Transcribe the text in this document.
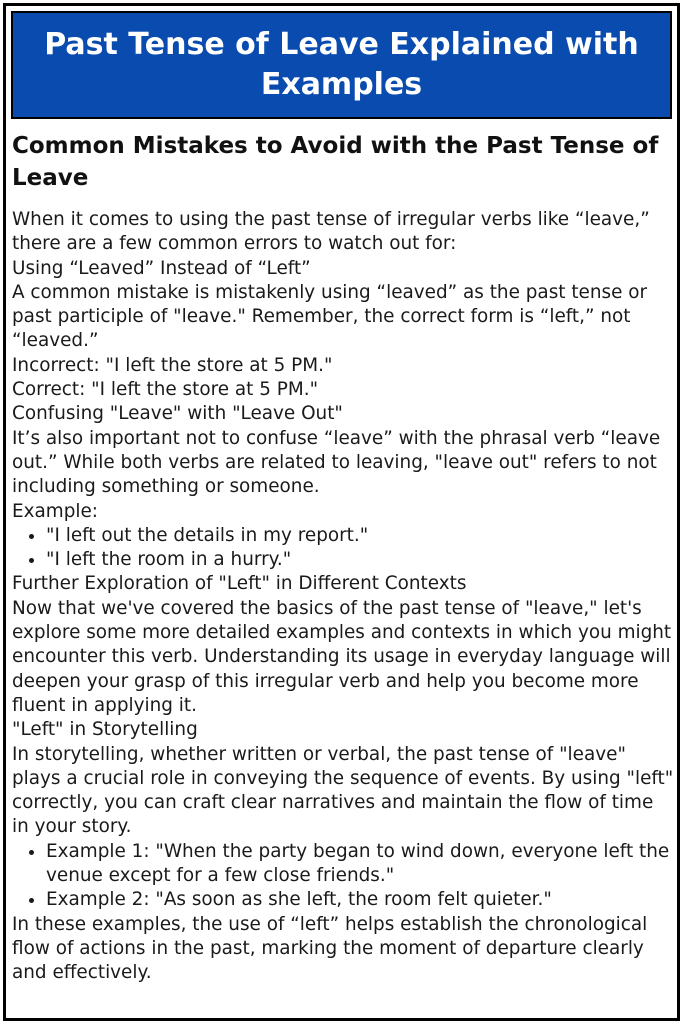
Past Tense of Leave Explained with Examples
Common Mistakes to Avoid with the Past Tense of Leave

When it comes to using the past tense of irregular verbs like “leave,” there are a few common errors to watch out for:

Using “Leaved” Instead of “Left”

A common mistake is mistakenly using “leaved” as the past tense or past participle of "leave." Remember, the correct form is “left,” not “leaved.”

Incorrect: "I left the store at 5 PM."

Correct: "I left the store at 5 PM."

Confusing "Leave" with "Leave Out"

It’s also important not to confuse “leave” with the phrasal verb “leave out.” While both verbs are related to leaving, "leave out" refers to not including something or someone.

Example:

• "I left out the details in my report."
• "I left the room in a hurry."

Further Exploration of "Left" in Different Contexts

Now that we've covered the basics of the past tense of "leave," let's explore some more detailed examples and contexts in which you might encounter this verb. Understanding its usage in everyday language will deepen your grasp of this irregular verb and help you become more fluent in applying it.

"Left" in Storytelling

In storytelling, whether written or verbal, the past tense of "leave" plays a crucial role in conveying the sequence of events. By using "left" correctly, you can craft clear narratives and maintain the flow of time in your story.

• Example 1: "When the party began to wind down, everyone left the venue except for a few close friends."
• Example 2: "As soon as she left, the room felt quieter."

In these examples, the use of “left” helps establish the chronological flow of actions in the past, marking the moment of departure clearly and effectively.
